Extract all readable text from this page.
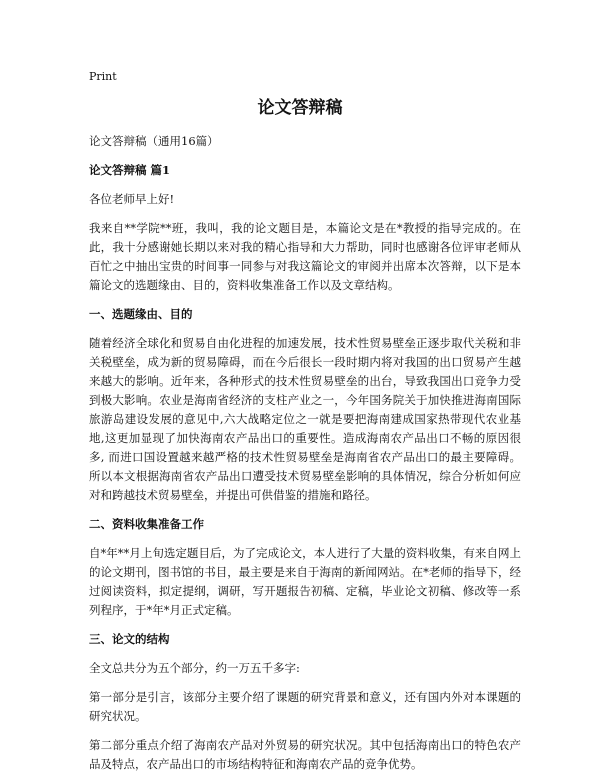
Print
论文答辩稿

论文答辩稿（通用16篇）

论文答辩稿 篇1

各位老师早上好!

我来自**学院**班，我叫，我的论文题目是，本篇论文是在*教授的指导完成的。在此，我十分感谢她长期以来对我的精心指导和大力帮助，同时也感谢各位评审老师从百忙之中抽出宝贵的时间事一同参与对我这篇论文的审阅并出席本次答辩，以下是本篇论文的选题缘由、目的，资料收集准备工作以及文章结构。

一、选题缘由、目的

随着经济全球化和贸易自由化进程的加速发展，技术性贸易壁垒正逐步取代关税和非关税壁垒，成为新的贸易障碍，而在今后很长一段时期内将对我国的出口贸易产生越来越大的影响。近年来，各种形式的技术性贸易壁垒的出台，导致我国出口竞争力受到极大影响。农业是海南省经济的支柱产业之一，今年国务院关于加快推进海南国际旅游岛建设发展的意见中,六大战略定位之一就是要把海南建成国家热带现代农业基地,这更加显现了加快海南农产品出口的重要性。造成海南农产品出口不畅的原因很多, 而进口国设置越来越严格的技术性贸易壁垒是海南省农产品出口的最主要障碍。所以本文根据海南省农产品出口遭受技术贸易壁垒影响的具体情况，综合分析如何应对和跨越技术贸易壁垒，并提出可供借鉴的措施和路径。

二、资料收集准备工作

自*年**月上旬选定题目后，为了完成论文，本人进行了大量的资料收集，有来自网上的论文期刊，图书馆的书目，最主要是来自于海南的新闻网站。在*老师的指导下，经过阅读资料，拟定提纲，调研，写开题报告初稿、定稿，毕业论文初稿、修改等一系列程序，于*年*月正式定稿。

三、论文的结构

全文总共分为五个部分，约一万五千多字:

第一部分是引言，该部分主要介绍了课题的研究背景和意义，还有国内外对本课题的研究状况。

第二部分重点介绍了海南农产品对外贸易的研究状况。其中包括海南出口的特色农产品及特点，农产品出口的市场结构特征和海南农产品的竞争优势。
